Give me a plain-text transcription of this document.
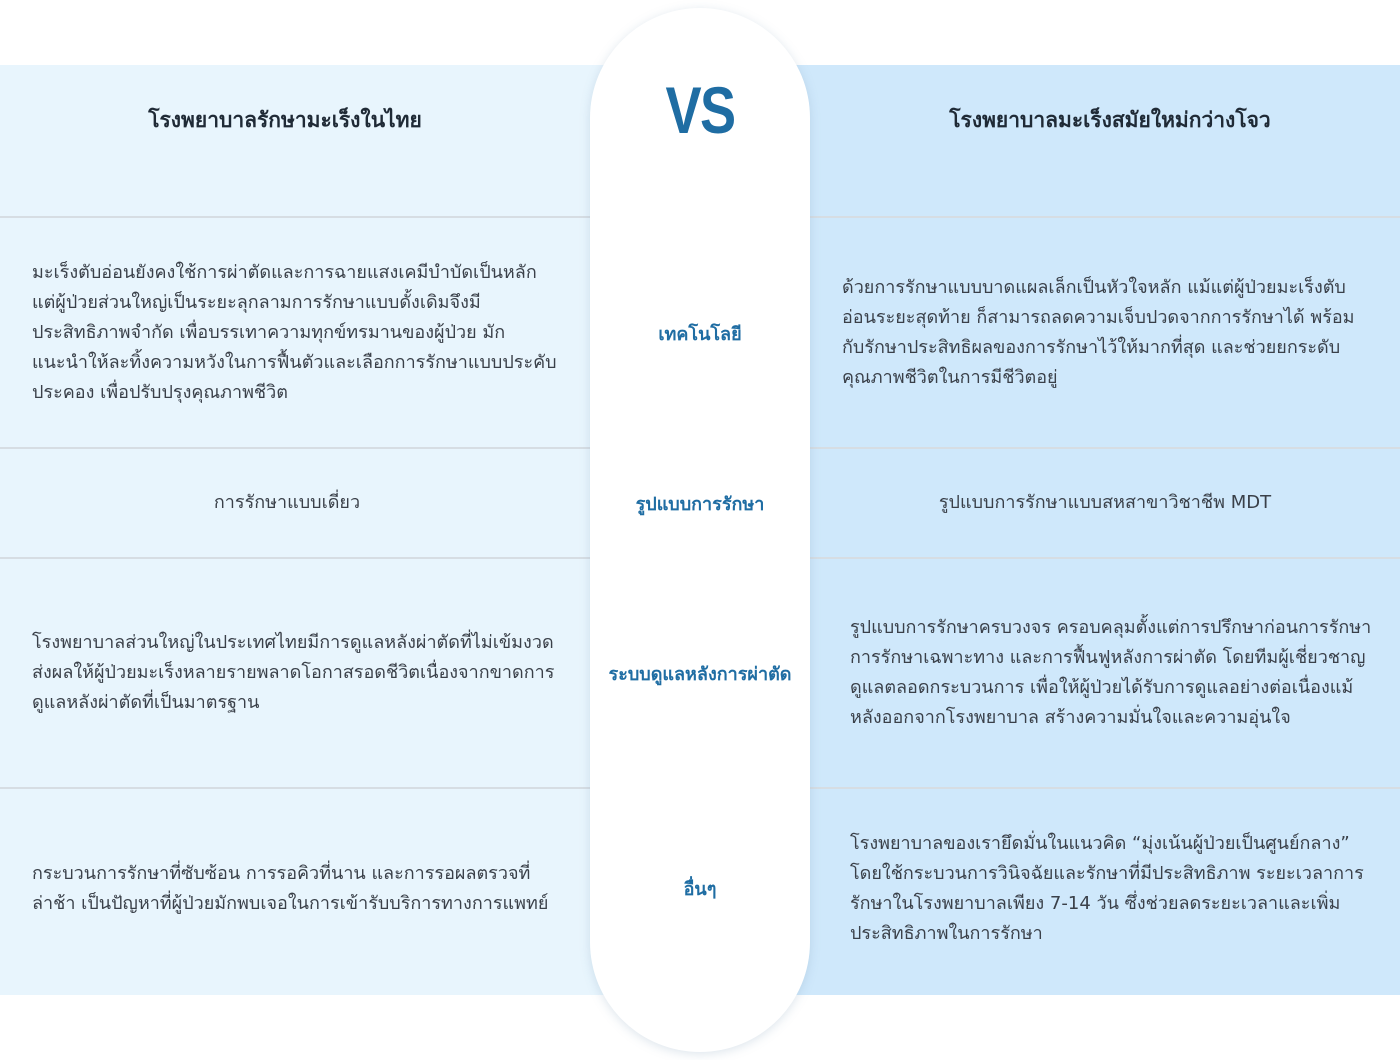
VS
โรงพยาบาลรักษามะเร็งในไทย	โรงพยาบาลมะเร็งสมัยใหม่กว่างโจว
เทคโนโลยี
มะเร็งตับอ่อนยังคงใช้การผ่าตัดและการฉายแสงเคมีบำบัดเป็นหลัก แต่ผู้ป่วยส่วนใหญ่เป็นระยะลุกลามการรักษาแบบดั้งเดิมจึงมีประสิทธิภาพจำกัด เพื่อบรรเทาความทุกข์ทรมานของผู้ป่วย มักแนะนำให้ละทิ้งความหวังในการฟื้นตัวและเลือกการรักษาแบบประคับประคอง เพื่อปรับปรุงคุณภาพชีวิต
ด้วยการรักษาแบบบาดแผลเล็กเป็นหัวใจหลัก แม้แต่ผู้ป่วยมะเร็งตับอ่อนระยะสุดท้าย ก็สามารถลดความเจ็บปวดจากการรักษาได้ พร้อมกับรักษาประสิทธิผลของการรักษาไว้ให้มากที่สุด และช่วยยกระดับคุณภาพชีวิตในการมีชีวิตอยู่
รูปแบบการรักษา
การรักษาแบบเดี่ยว	รูปแบบการรักษาแบบสหสาขาวิชาชีพ MDT
ระบบดูแลหลังการผ่าตัด
โรงพยาบาลส่วนใหญ่ในประเทศไทยมีการดูแลหลังผ่าตัดที่ไม่เข้มงวด ส่งผลให้ผู้ป่วยมะเร็งหลายรายพลาดโอกาสรอดชีวิตเนื่องจากขาดการดูแลหลังผ่าตัดที่เป็นมาตรฐาน
รูปแบบการรักษาครบวงจร ครอบคลุมตั้งแต่การปรึกษาก่อนการรักษา การรักษาเฉพาะทาง และการฟื้นฟูหลังการผ่าตัด โดยทีมผู้เชี่ยวชาญดูแลตลอดกระบวนการ เพื่อให้ผู้ป่วยได้รับการดูแลอย่างต่อเนื่องแม้หลังออกจากโรงพยาบาล สร้างความมั่นใจและความอุ่นใจ
อื่นๆ
กระบวนการรักษาที่ซับซ้อน การรอคิวที่นาน และการรอผลตรวจที่ล่าช้า เป็นปัญหาที่ผู้ป่วยมักพบเจอในการเข้ารับบริการทางการแพทย์
โรงพยาบาลของเรายึดมั่นในแนวคิด “มุ่งเน้นผู้ป่วยเป็นศูนย์กลาง” โดยใช้กระบวนการวินิจฉัยและรักษาที่มีประสิทธิภาพ ระยะเวลาการรักษาในโรงพยาบาลเพียง 7-14 วัน ซึ่งช่วยลดระยะเวลาและเพิ่มประสิทธิภาพในการรักษา
